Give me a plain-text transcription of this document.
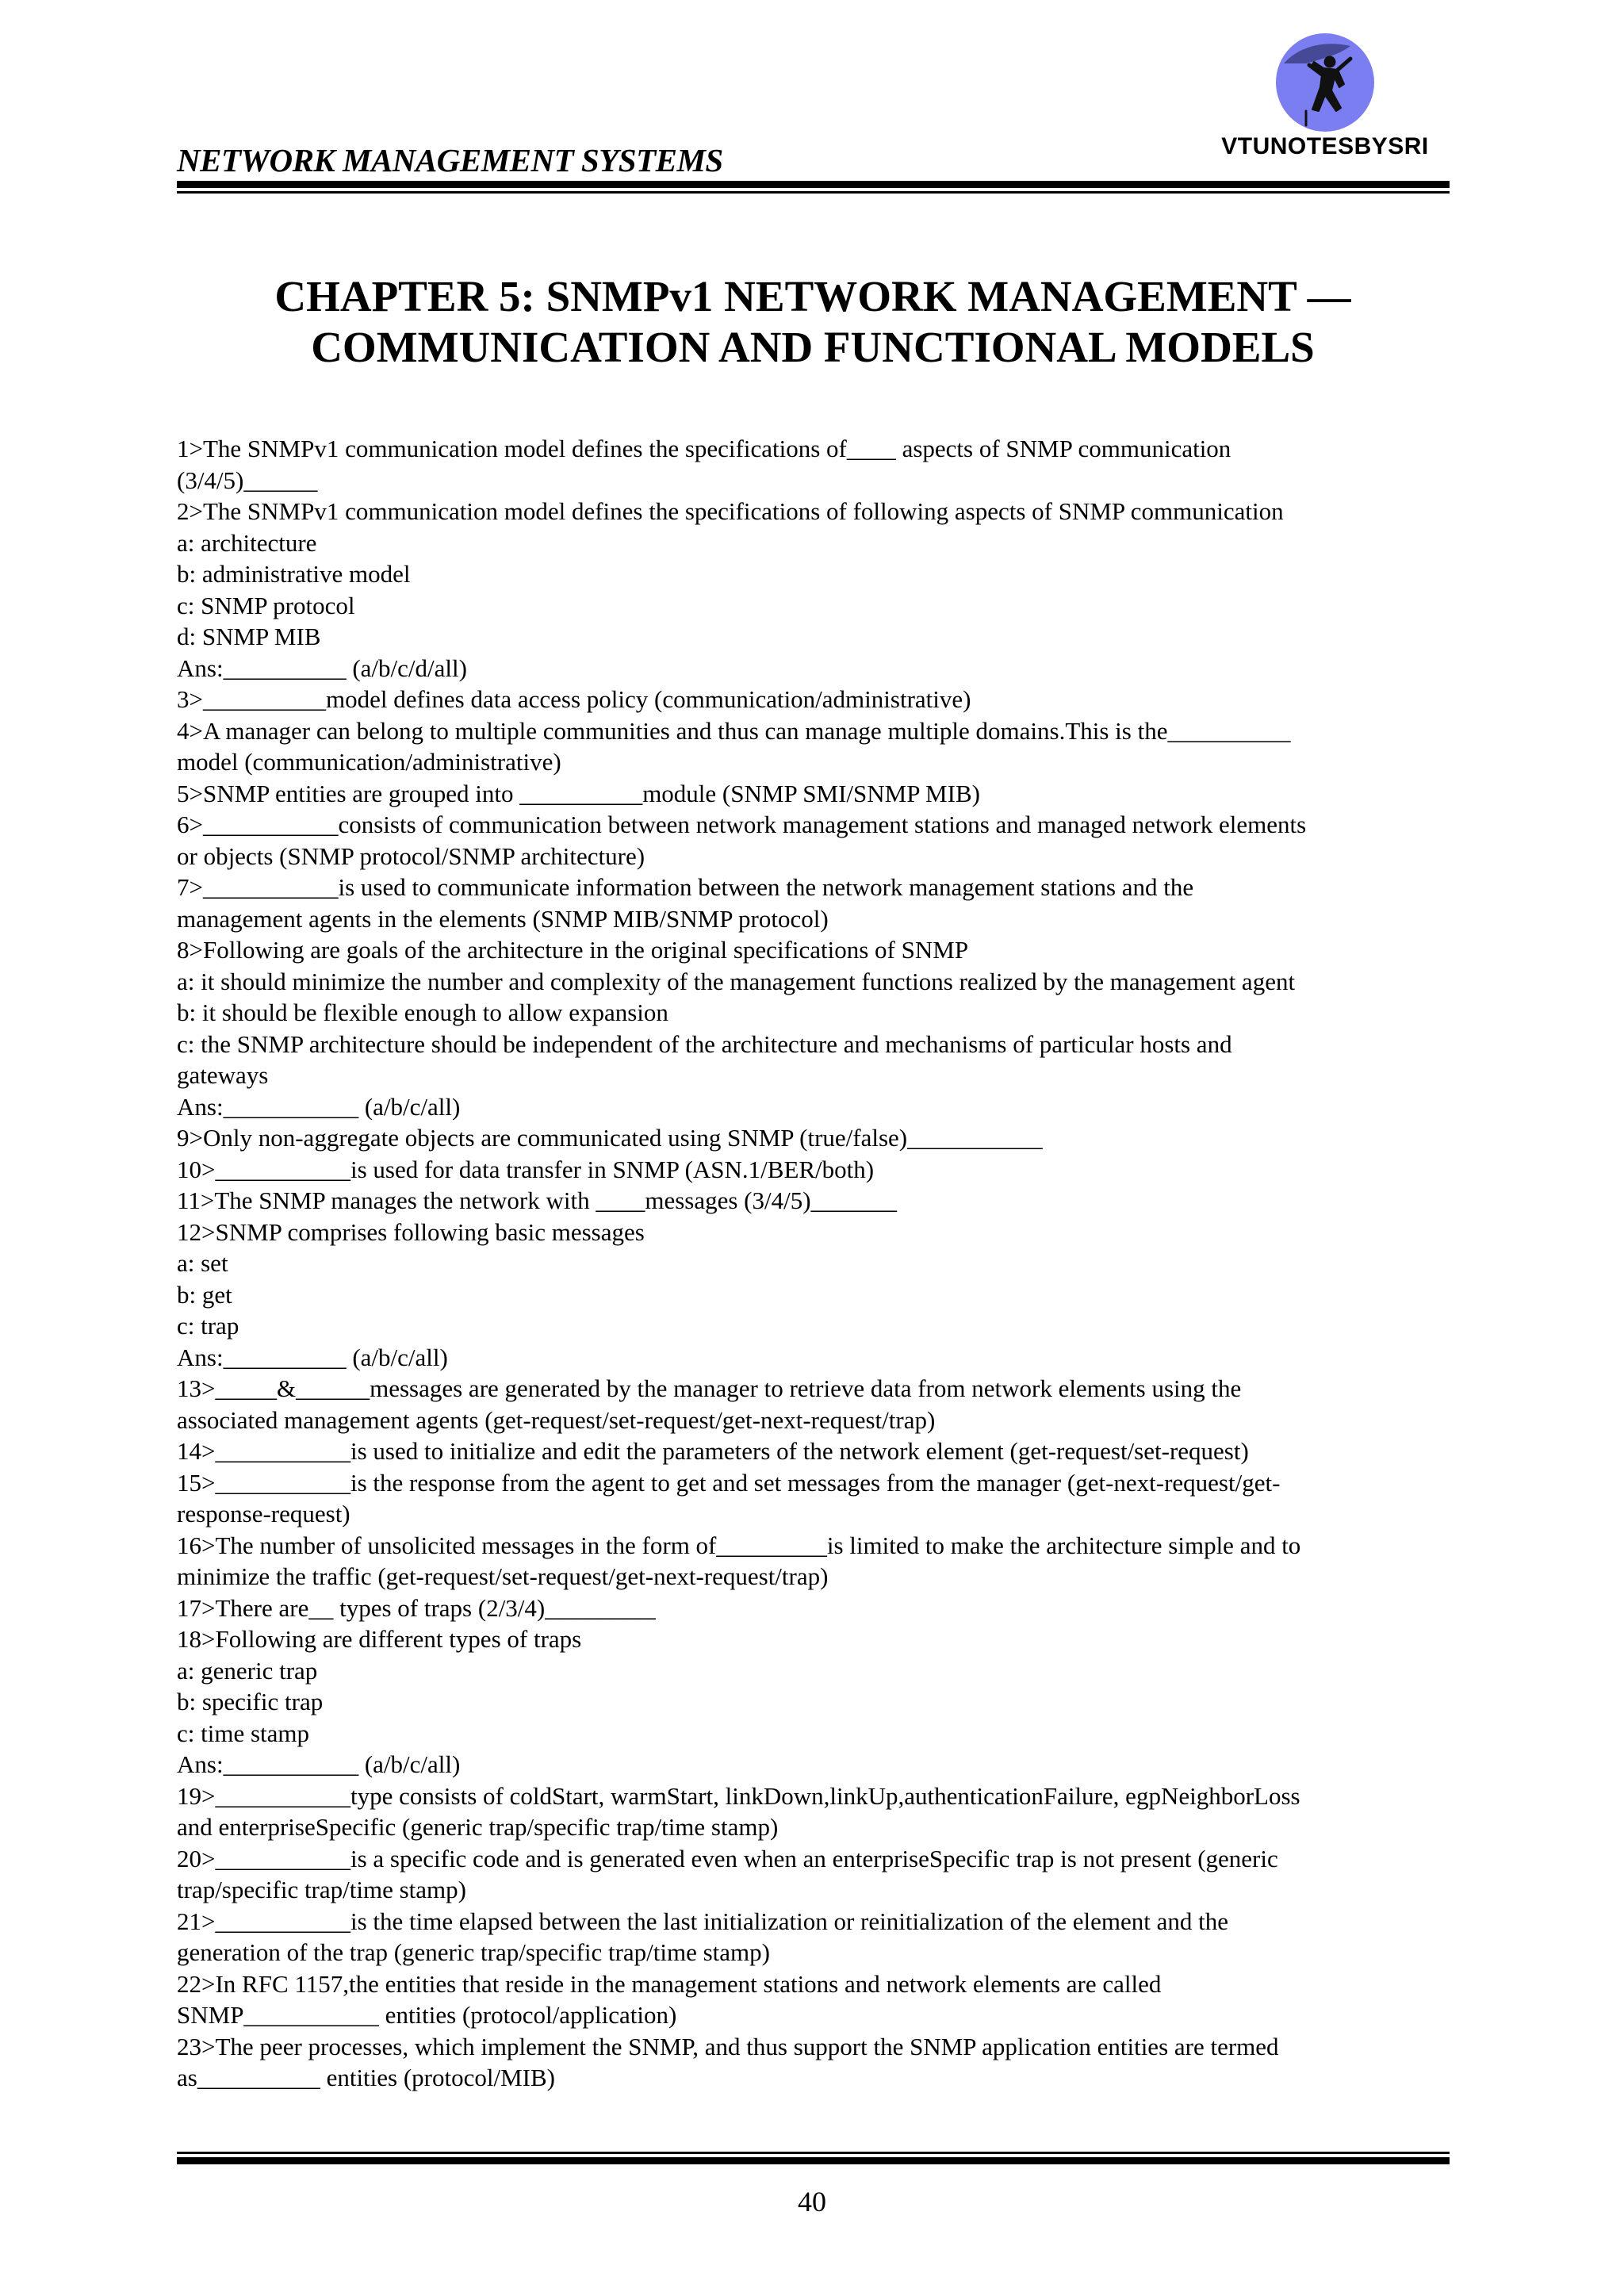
NETWORK MANAGEMENT SYSTEMS	VTUNOTESBYSRI
CHAPTER 5: SNMPv1 NETWORK MANAGEMENT —
COMMUNICATION AND FUNCTIONAL MODELS
1>The SNMPv1 communication model defines the specifications of____ aspects of SNMP communication
(3/4/5)______
2>The SNMPv1 communication model defines the specifications of following aspects of SNMP communication
a: architecture
b: administrative model
c: SNMP protocol
d: SNMP MIB
Ans:__________ (a/b/c/d/all)
3>__________model defines data access policy (communication/administrative)
4>A manager can belong to multiple communities and thus can manage multiple domains.This is the__________
model (communication/administrative)
5>SNMP entities are grouped into __________module (SNMP SMI/SNMP MIB)
6>___________consists of communication between network management stations and managed network elements
or objects (SNMP protocol/SNMP architecture)
7>___________is used to communicate information between the network management stations and the
management agents in the elements (SNMP MIB/SNMP protocol)
8>Following are goals of the architecture in the original specifications of SNMP
a: it should minimize the number and complexity of the management functions realized by the management agent
b: it should be flexible enough to allow expansion
c: the SNMP architecture should be independent of the architecture and mechanisms of particular hosts and
gateways
Ans:___________ (a/b/c/all)
9>Only non-aggregate objects are communicated using SNMP (true/false)___________
10>___________is used for data transfer in SNMP (ASN.1/BER/both)
11>The SNMP manages the network with ____messages (3/4/5)_______
12>SNMP comprises following basic messages
a: set
b: get
c: trap
Ans:__________ (a/b/c/all)
13>_____&______messages are generated by the manager to retrieve data from network elements using the
associated management agents (get-request/set-request/get-next-request/trap)
14>___________is used to initialize and edit the parameters of the network element (get-request/set-request)
15>___________is the response from the agent to get and set messages from the manager (get-next-request/get-
response-request)
16>The number of unsolicited messages in the form of_________is limited to make the architecture simple and to
minimize the traffic (get-request/set-request/get-next-request/trap)
17>There are__ types of traps (2/3/4)_________
18>Following are different types of traps
a: generic trap
b: specific trap
c: time stamp
Ans:___________ (a/b/c/all)
19>___________type consists of coldStart, warmStart, linkDown,linkUp,authenticationFailure, egpNeighborLoss
and enterpriseSpecific (generic trap/specific trap/time stamp)
20>___________is a specific code and is generated even when an enterpriseSpecific trap is not present (generic
trap/specific trap/time stamp)
21>___________is the time elapsed between the last initialization or reinitialization of the element and the
generation of the trap (generic trap/specific trap/time stamp)
22>In RFC 1157,the entities that reside in the management stations and network elements are called
SNMP___________ entities (protocol/application)
23>The peer processes, which implement the SNMP, and thus support the SNMP application entities are termed
as__________ entities (protocol/MIB)
40
